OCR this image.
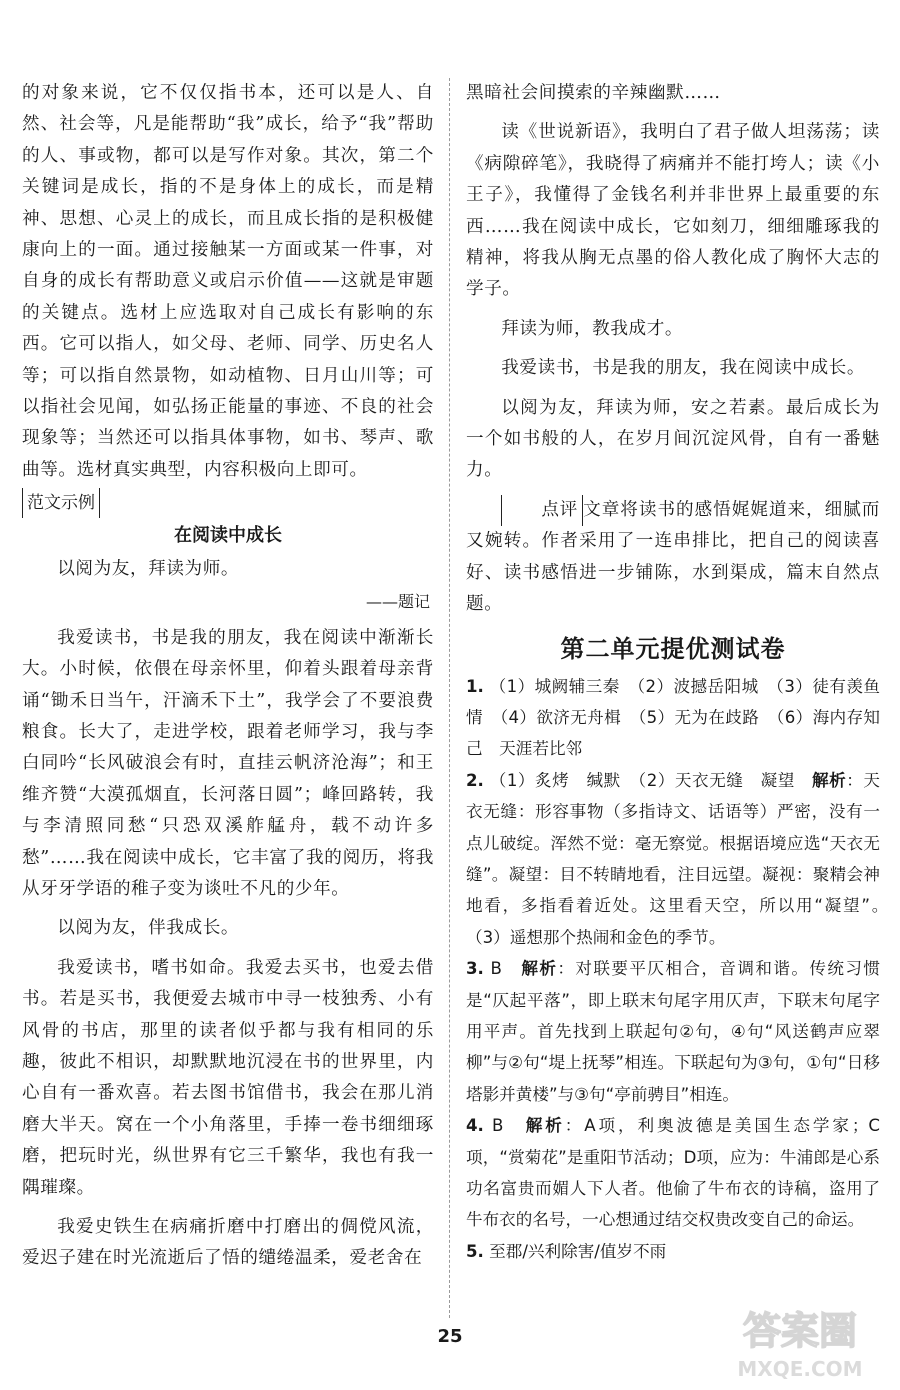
的对象来说，它不仅仅指书本，还可以是人、自然、社会等，凡是能帮助“我”成长，给予“我”帮助的人、事或物，都可以是写作对象。其次，第二个关键词是成长，指的不是身体上的成长，而是精神、思想、心灵上的成长，而且成长指的是积极健康向上的一面。通过接触某一方面或某一件事，对自身的成长有帮助意义或启示价值——这就是审题的关键点。选材上应选取对自己成长有影响的东西。它可以指人，如父母、老师、同学、历史名人等；可以指自然景物，如动植物、日月山川等；可以指社会见闻，如弘扬正能量的事迹、不良的社会现象等；当然还可以指具体事物，如书、琴声、歌曲等。选材真实典型，内容积极向上即可。

范文示例
在阅读中成长

以阅为友，拜读为师。

——题记

我爱读书，书是我的朋友，我在阅读中渐渐长大。小时候，依偎在母亲怀里，仰着头跟着母亲背诵“锄禾日当午，汗滴禾下土”，我学会了不要浪费粮食。长大了，走进学校，跟着老师学习，我与李白同吟“长风破浪会有时，直挂云帆济沧海”；和王维齐赞“大漠孤烟直，长河落日圆”；峰回路转，我与李清照同愁“只恐双溪舴艋舟，载不动许多愁”……我在阅读中成长，它丰富了我的阅历，将我从牙牙学语的稚子变为谈吐不凡的少年。

以阅为友，伴我成长。

我爱读书，嗜书如命。我爱去买书，也爱去借书。若是买书，我便爱去城市中寻一枝独秀、小有风骨的书店，那里的读者似乎都与我有相同的乐趣，彼此不相识，却默默地沉浸在书的世界里，内心自有一番欢喜。若去图书馆借书，我会在那儿消磨大半天。窝在一个小角落里，手捧一卷书细细琢磨，把玩时光，纵世界有它三千繁华，我也有我一隅璀璨。

我爱史铁生在病痛折磨中打磨出的倜傥风流，爱迟子建在时光流逝后了悟的缱绻温柔，爱老舍在

黑暗社会间摸索的辛辣幽默……

读《世说新语》，我明白了君子做人坦荡荡；读《病隙碎笔》，我晓得了病痛并不能打垮人；读《小王子》，我懂得了金钱名利并非世界上最重要的东西……我在阅读中成长，它如刻刀，细细雕琢我的精神，将我从胸无点墨的俗人教化成了胸怀大志的学子。

拜读为师，教我成才。

我爱读书，书是我的朋友，我在阅读中成长。

以阅为友，拜读为师，安之若素。最后成长为一个如书般的人，在岁月间沉淀风骨，自有一番魅力。

点评 文章将读书的感悟娓娓道来，细腻而又婉转。作者采用了一连串排比，把自己的阅读喜好、读书感悟进一步铺陈，水到渠成，篇末自然点题。

第二单元提优测试卷

1. （1）城阙辅三秦　（2）波撼岳阳城　（3）徒有羡鱼情　（4）欲济无舟楫　（5）无为在歧路　（6）海内存知己　天涯若比邻

2. （1）炙烤　缄默　（2）天衣无缝　凝望　解析：天衣无缝：形容事物（多指诗文、话语等）严密，没有一点儿破绽。浑然不觉：毫无察觉。根据语境应选“天衣无缝”。凝望：目不转睛地看，注目远望。凝视：聚精会神地看，多指看着近处。这里看天空，所以用“凝望”。　（3）遥想那个热闹和金色的季节。

3. B　解析：对联要平仄相合，音调和谐。传统习惯是“仄起平落”，即上联末句尾字用仄声，下联末句尾字用平声。首先找到上联起句②句，④句“风送鹤声应翠柳”与②句“堤上抚琴”相连。下联起句为③句，①句“日移塔影并黄楼”与③句“亭前骋目”相连。

4. B　解析：A项，利奥波德是美国生态学家；C项，“赏菊花”是重阳节活动；D项，应为：牛浦郎是心系功名富贵而媚人下人者。他偷了牛布衣的诗稿，盗用了牛布衣的名号，一心想通过结交权贵改变自己的命运。

5. 至郡/兴利除害/值岁不雨

25	答案圈
MXQE.COM
